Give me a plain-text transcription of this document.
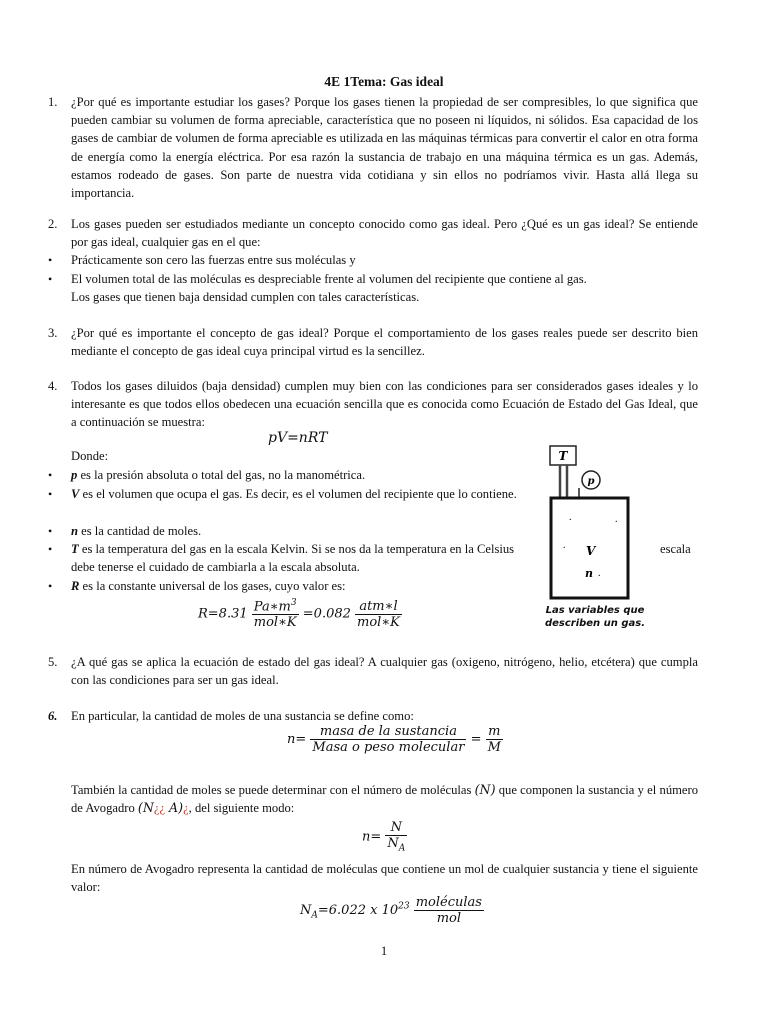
4E 1Tema: Gas ideal
1.	¿Por qué es importante estudiar los gases? Porque los gases tienen la propiedad de ser compresibles, lo que significa que pueden cambiar su volumen de forma apreciable, característica que no poseen ni líquidos, ni sólidos. Esa capacidad de los gases de cambiar de volumen de forma apreciable es utilizada en las máquinas térmicas para convertir el calor en otra forma de energía como la energía eléctrica. Por esa razón la sustancia de trabajo en una máquina térmica es un gas. Además, estamos rodeado de gases. Son parte de nuestra vida cotidiana y sin ellos no podríamos vivir. Hasta allá llega su importancia.
2.	Los gases pueden ser estudiados mediante un concepto conocido como gas ideal. Pero ¿Qué es un gas ideal? Se entiende por gas ideal, cualquier gas en el que:
• Prácticamente son cero las fuerzas entre sus moléculas y
• El volumen total de las moléculas es despreciable frente al volumen del recipiente que contiene al gas.
Los gases que tienen baja densidad cumplen con tales características.
3.	¿Por qué es importante el concepto de gas ideal? Porque el comportamiento de los gases reales puede ser descrito bien mediante el concepto de gas ideal cuya principal virtud es la sencillez.
4.	Todos los gases diluidos (baja densidad) cumplen muy bien con las condiciones para ser considerados gases ideales y lo interesante es que todos ellos obedecen una ecuación sencilla que es conocida como Ecuación de Estado del Gas Ideal, que a continuación se muestra:
pV=nRT
Donde:
• p es la presión absoluta o total del gas, no la manométrica.
• V es el volumen que ocupa el gas. Es decir, es el volumen del recipiente que lo contiene.
• n es la cantidad de moles.
• T es la temperatura del gas en la escala Kelvin. Si se nos da la temperatura en la Celsius debe tenerse el cuidado de cambiarla a la escala absoluta.
escala
• R es la constante universal de los gases, cuyo valor es:
$R=8.31 \frac{Pa∗m^3}{\text{mol∗K}} =0.082 \frac{\text{atm∗l}}{\text{mol∗K}}$
T
p
.	.
. V
n .
Las variables que
describen un gas.
5.	¿A qué gas se aplica la ecuación de estado del gas ideal? A cualquier gas (oxigeno, nitrógeno, helio, etcétera) que cumpla con las condiciones para ser un gas ideal.
6.	En particular, la cantidad de moles de una sustancia se define como:
$n= \frac{\text{masa de la sustancia}}{\text{Masa o peso molecular}} = \frac{m}{M}$
También la cantidad de moles se puede determinar con el número de moléculas (N) que componen la sustancia y el número de Avogadro (N¿¿ A)¿, del siguiente modo:
$n= \frac{N}{N_A}$
En número de Avogadro representa la cantidad de moléculas que contiene un mol de cualquier sustancia y tiene el siguiente valor:
$N_A=6.022$ x $10^{23} \frac{\text{moléculas}}{\text{mol}}$
1
